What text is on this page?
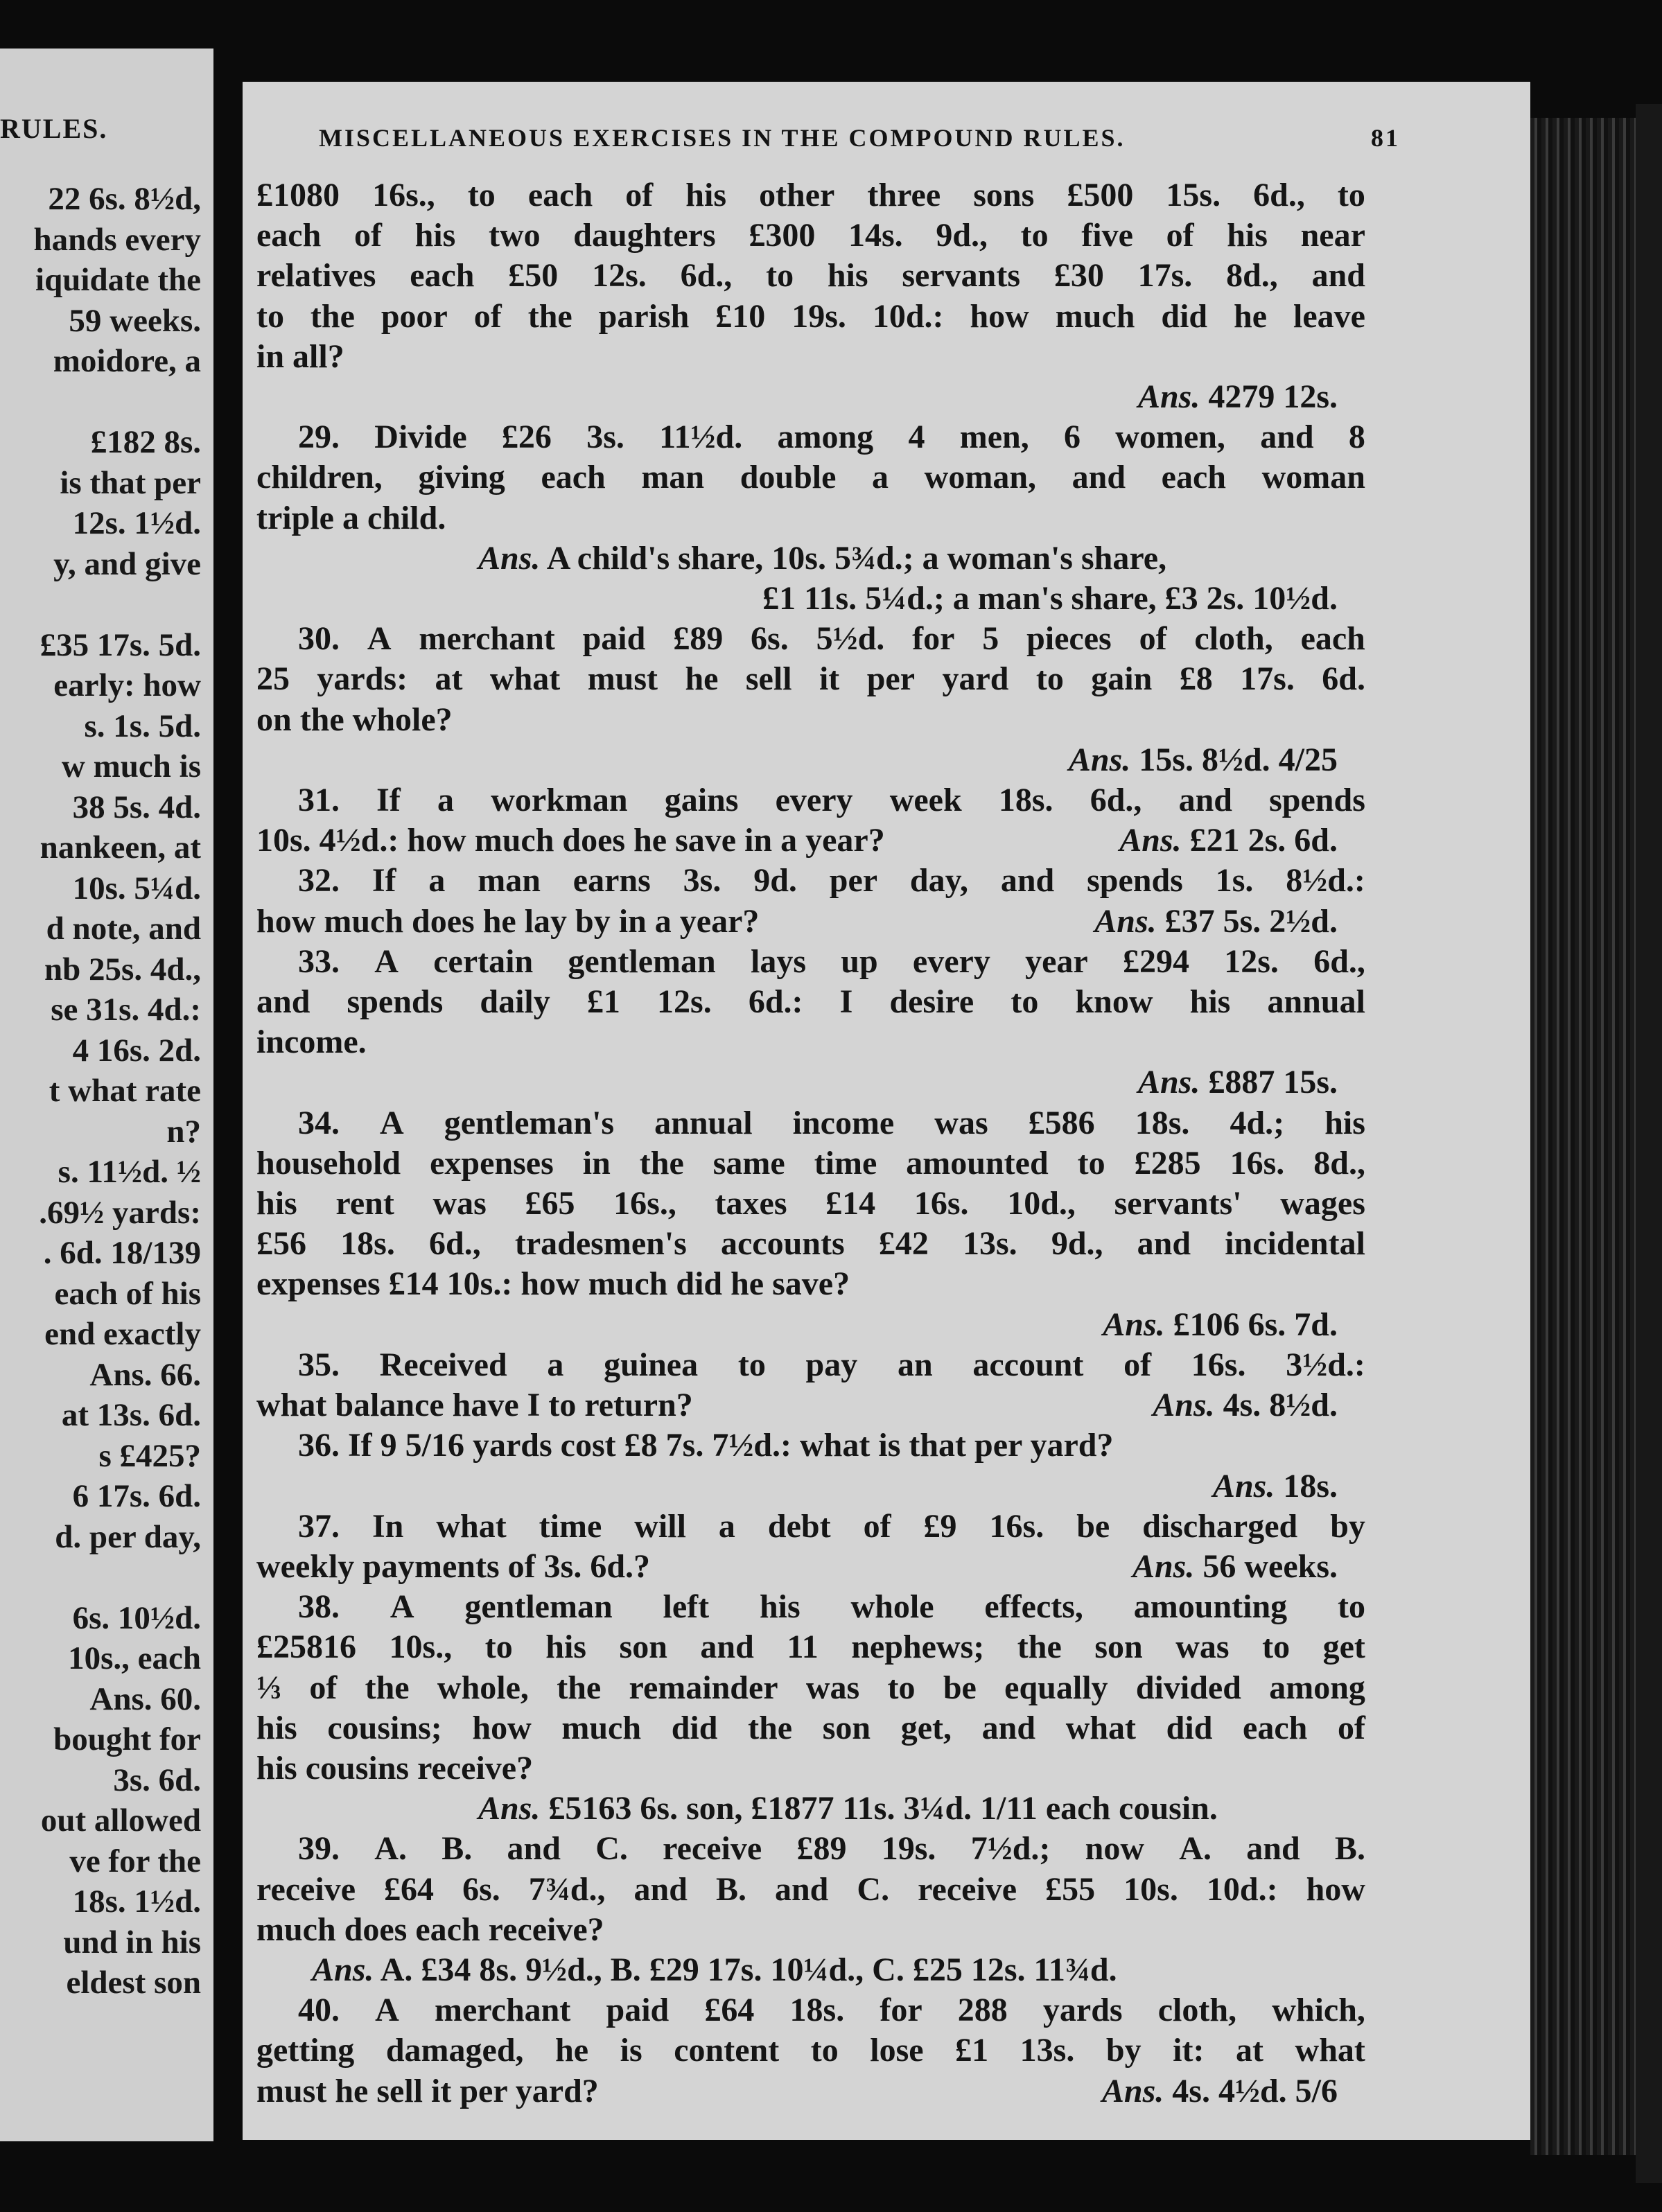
RULES.
22 6s. 8½d,
hands every
iquidate the
59 weeks.
moidore, a

£182 8s.
is that per
12s. 1½d.
y, and give

£35 17s. 5d.
early: how
s. 1s. 5d.
w much is
38 5s. 4d.
nankeen, at
10s. 5¼d.
d note, and
nb 25s. 4d.,
se 31s. 4d.:
4 16s. 2d.
t what rate
n?
s. 11½d. ½
.69½ yards:
. 6d. 18/139
each of his
end exactly
Ans. 66.
at 13s. 6d.
s £425?
6 17s. 6d.
d. per day,

6s. 10½d.
10s., each
Ans. 60.
bought for
3s. 6d.
out allowed
ve for the
18s. 1½d.
und in his
eldest son
MISCELLANEOUS EXERCISES IN THE COMPOUND RULES.	81
£1080 16s., to each of his other three sons £500 15s. 6d., to
each of his two daughters £300 14s. 9d., to five of his near
relatives each £50 12s. 6d., to his servants £30 17s. 8d., and
to the poor of the parish £10 19s. 10d.: how much did he leave
in all?
Ans. 4279 12s.
29. Divide £26 3s. 11½d. among 4 men, 6 women, and 8
children, giving each man double a woman, and each woman
triple a child.
Ans. A child's share, 10s. 5¾d.; a woman's share,
£1 11s. 5¼d.; a man's share, £3 2s. 10½d.
30. A merchant paid £89 6s. 5½d. for 5 pieces of cloth, each
25 yards: at what must he sell it per yard to gain £8 17s. 6d.
on the whole?
Ans. 15s. 8½d. 4/25
31. If a workman gains every week 18s. 6d., and spends
10s. 4½d.: how much does he save in a year?	Ans. £21 2s. 6d.
32. If a man earns 3s. 9d. per day, and spends 1s. 8½d.:
how much does he lay by in a year?	Ans. £37 5s. 2½d.
33. A certain gentleman lays up every year £294 12s. 6d.,
and spends daily £1 12s. 6d.: I desire to know his annual
income.
Ans. £887 15s.
34. A gentleman's annual income was £586 18s. 4d.; his
household expenses in the same time amounted to £285 16s. 8d.,
his rent was £65 16s., taxes £14 16s. 10d., servants' wages
£56 18s. 6d., tradesmen's accounts £42 13s. 9d., and incidental
expenses £14 10s.: how much did he save?
Ans. £106 6s. 7d.
35. Received a guinea to pay an account of 16s. 3½d.:
what balance have I to return?	Ans. 4s. 8½d.
36. If 9 5/16 yards cost £8 7s. 7½d.: what is that per yard?
Ans. 18s.
37. In what time will a debt of £9 16s. be discharged by
weekly payments of 3s. 6d.?	Ans. 56 weeks.
38. A gentleman left his whole effects, amounting to
£25816 10s., to his son and 11 nephews; the son was to get
⅓ of the whole, the remainder was to be equally divided among
his cousins; how much did the son get, and what did each of
his cousins receive?
Ans. £5163 6s. son, £1877 11s. 3¼d. 1/11 each cousin.
39. A. B. and C. receive £89 19s. 7½d.; now A. and B.
receive £64 6s. 7¾d., and B. and C. receive £55 10s. 10d.: how
much does each receive?
Ans. A. £34 8s. 9½d., B. £29 17s. 10¼d., C. £25 12s. 11¾d.
40. A merchant paid £64 18s. for 288 yards cloth, which,
getting damaged, he is content to lose £1 13s. by it: at what
must he sell it per yard?	Ans. 4s. 4½d. 5/6
